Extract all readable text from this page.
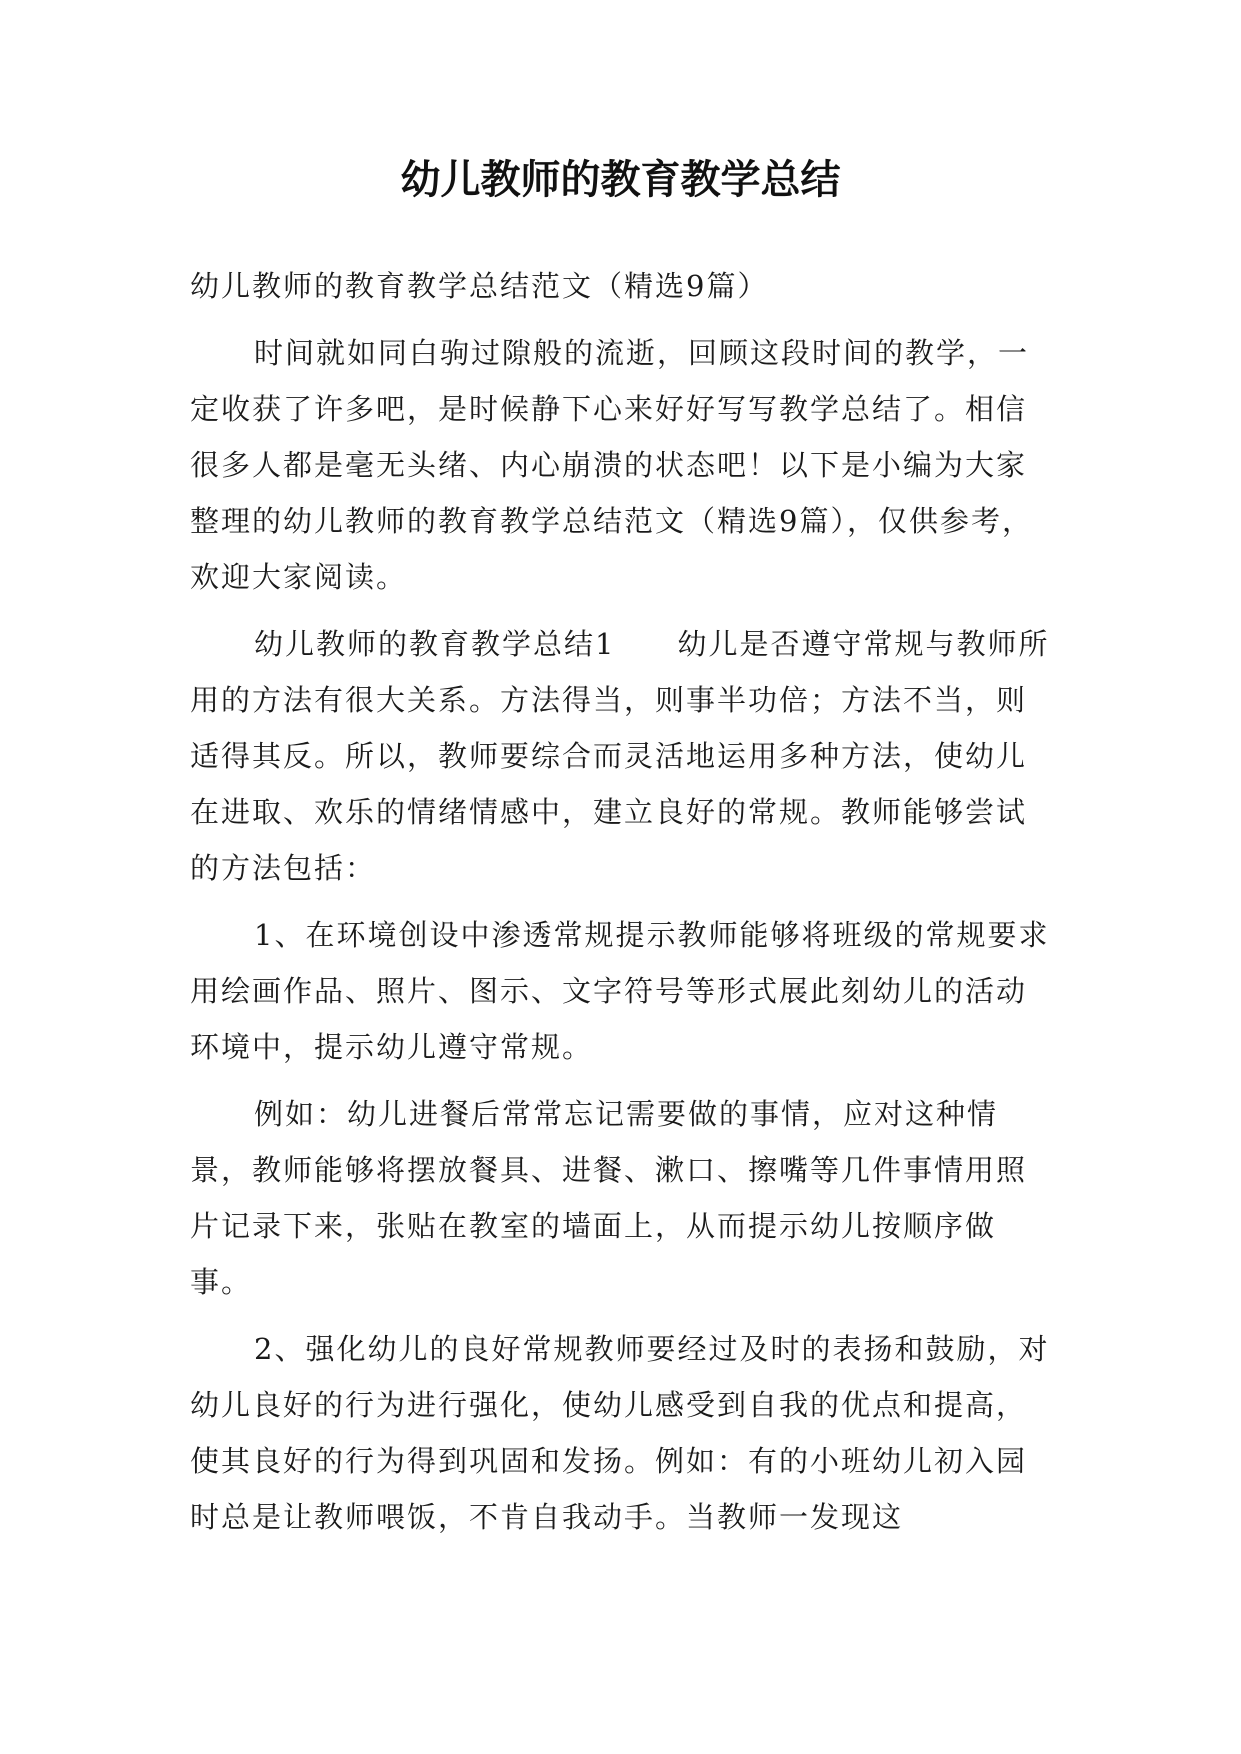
幼儿教师的教育教学总结

幼儿教师的教育教学总结范文（精选9篇）

时间就如同白驹过隙般的流逝，回顾这段时间的教学，一定收获了许多吧，是时候静下心来好好写写教学总结了。相信很多人都是毫无头绪、内心崩溃的状态吧！以下是小编为大家整理的幼儿教师的教育教学总结范文（精选9篇），仅供参考，欢迎大家阅读。

幼儿教师的教育教学总结1　　幼儿是否遵守常规与教师所用的方法有很大关系。方法得当，则事半功倍；方法不当，则适得其反。所以，教师要综合而灵活地运用多种方法，使幼儿在进取、欢乐的情绪情感中，建立良好的常规。教师能够尝试的方法包括：

1、在环境创设中渗透常规提示教师能够将班级的常规要求用绘画作品、照片、图示、文字符号等形式展此刻幼儿的活动环境中，提示幼儿遵守常规。

例如：幼儿进餐后常常忘记需要做的事情，应对这种情景，教师能够将摆放餐具、进餐、漱口、擦嘴等几件事情用照片记录下来，张贴在教室的墙面上，从而提示幼儿按顺序做事。

2、强化幼儿的良好常规教师要经过及时的表扬和鼓励，对幼儿良好的行为进行强化，使幼儿感受到自我的优点和提高，使其良好的行为得到巩固和发扬。例如：有的小班幼儿初入园时总是让教师喂饭，不肯自我动手。当教师一发现这
